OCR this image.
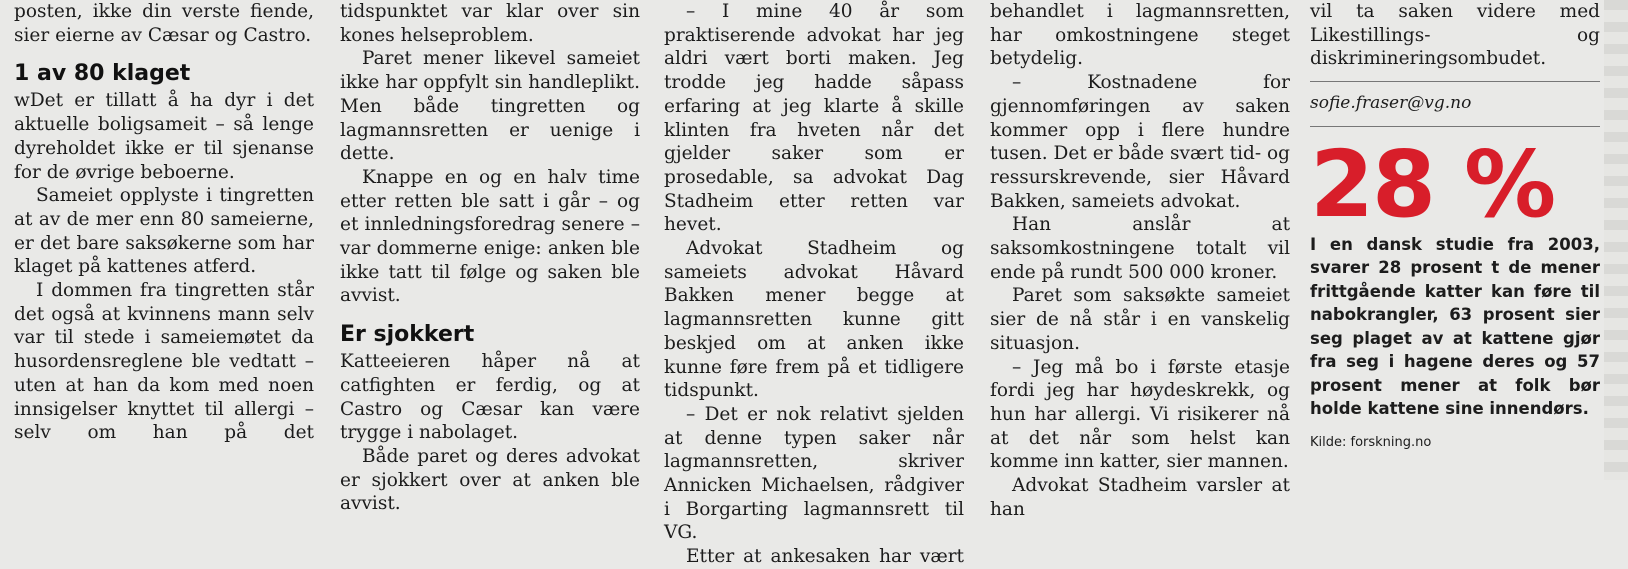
posten, ikke din verste fiende, sier eierne av Cæsar og Castro.

1 av 80 klaget

wDet er tillatt å ha dyr i det aktuelle boligsameit – så lenge dyreholdet ikke er til sjenanse for de øvrige beboerne.

Sameiet opplyste i tingretten at av de mer enn 80 sameierne, er det bare saksøkerne som har klaget på kattenes atferd.

I dommen fra tingretten står det også at kvinnens mann selv var til stede i sameiemøtet da husordensreglene ble vedtatt – uten at han da kom med noen innsigelser knyttet til allergi – selv om han på det

tidspunktet var klar over sin kones helseproblem.

Paret mener likevel sameiet ikke har oppfylt sin handleplikt. Men både tingretten og lagmannsretten er uenige i dette.

Knappe en og en halv time etter retten ble satt i går – og et innledningsforedrag senere – var dommerne enige: anken ble ikke tatt til følge og saken ble avvist.

Er sjokkert

Katteeieren håper nå at catfighten er ferdig, og at Castro og Cæsar kan være trygge i nabolaget.

Både paret og deres advokat er sjokkert over at anken ble avvist.

– I mine 40 år som praktiserende advokat har jeg aldri vært borti maken. Jeg trodde jeg hadde såpass erfaring at jeg klarte å skille klinten fra hveten når det gjelder saker som er prosedable, sa advokat Dag Stadheim etter retten var hevet.

Advokat Stadheim og sameiets advokat Håvard Bakken mener begge at lagmannsretten kunne gitt beskjed om at anken ikke kunne føre frem på et tidligere tidspunkt.

– Det er nok relativt sjelden at denne typen saker når lagmannsretten, skriver Annicken Michaelsen, rådgiver i Borgarting lagmannsrett til VG.

Etter at ankesaken har vært

behandlet i lagmannsretten, har omkostningene steget betydelig.

– Kostnadene for gjennomføringen av saken kommer opp i flere hundre tusen. Det er både svært tid- og ressurskrevende, sier Håvard Bakken, sameiets advokat.

Han anslår at saksomkostningene totalt vil ende på rundt 500 000 kroner.

Paret som saksøkte sameiet sier de nå står i en vanskelig situasjon.

– Jeg må bo i første etasje fordi jeg har høydeskrekk, og hun har allergi. Vi risikerer nå at det når som helst kan komme inn katter, sier mannen.

Advokat Stadheim varsler at han

vil ta saken videre med Likestillings- og diskrimineringsombudet.

sofie.fraser@vg.no

28 %

I en dansk studie fra 2003, svarer 28 prosent t de mener frittgående katter kan føre til nabokrangler, 63 prosent sier seg plaget av at kattene gjør fra seg i hagene deres og 57 prosent mener at folk bør holde kattene sine innendørs.

Kilde: forskning.no
